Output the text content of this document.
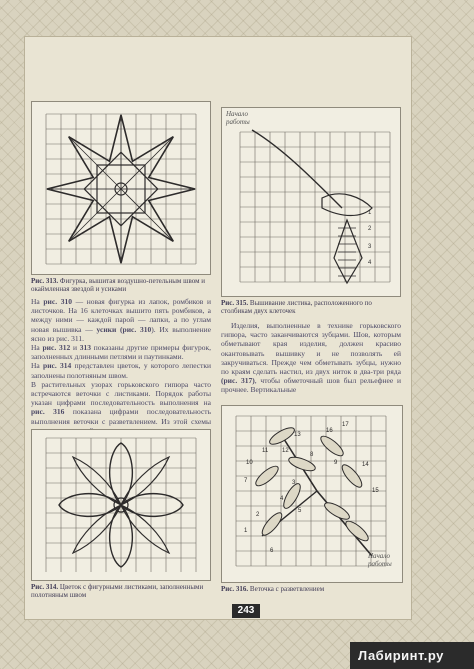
Рис. 313. Фигурка, вышитая воздушно-петельным швом и окаймленная звездой и усиками
Начало работы
1
2
3
4
Рис. 315. Вышивание листика, расположенного по столбикам двух клеточек
На рис. 310 — новая фигурка из лапок, ромбиков и листочков. На 16 клеточках вышито пять ромбиков, а между ними — каждой парой — лапки, а по углам новая вышивка — усики (рис. 310). Их выполнение ясно из рис. 311.
На рис. 312 и 313 показаны другие примеры фигурок, заполненных длинными петлями и паутинками.
На рис. 314 представлен цветок, у которого лепестки заполнены полотняным швом.
В растительных узорах горьковского гипюра часто встречаются веточки с листиками. Порядок работы указан цифрами последовательность выполнения на рис. 316 показана цифрами последовательность выполнения веточки с разветвлением. Из этой схемы
Изделия, выполненные в технике горьковского гипюра, часто заканчиваются зубцами. Шов, которым обметывают края изделия, должен красиво окантовывать вышивку и не позволять ей закручиваться. Прежде чем обметывать зубцы, нужно по краям сделать настил, из двух ниток в два-три ряда (рис. 317), чтобы обметочный шов был рельефнее и прочнее. Вертикальные
Рис. 314. Цветок с фигурными листиками, заполненными полотняным швом
17
16
13
12
11
10
7
14
8
9
15
3
4
5
2
1
6
Начало работы
Рис. 316. Веточка с разветвлением
243
Лабиринт.ру
